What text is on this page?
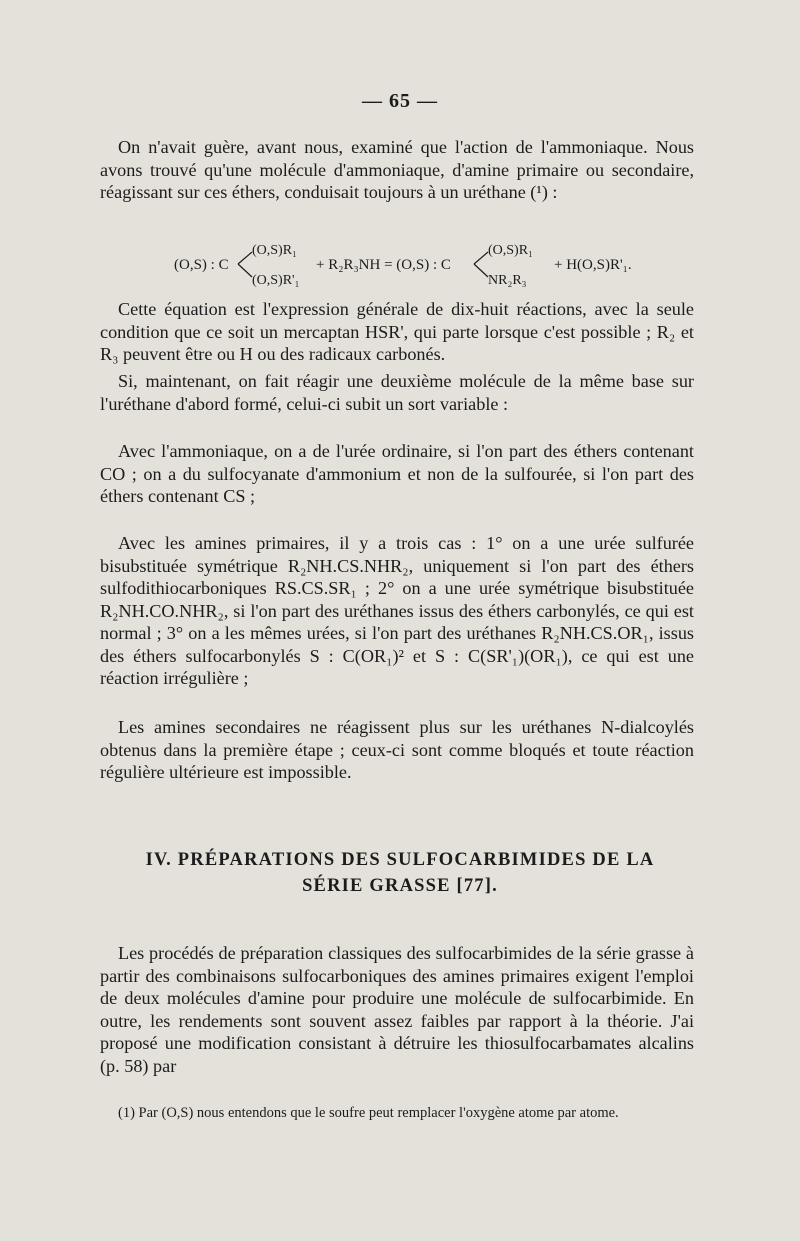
— 65 —
On n'avait guère, avant nous, examiné que l'action de l'ammoniaque. Nous avons trouvé qu'une molécule d'ammoniaque, d'amine primaire ou secondaire, réagissant sur ces éthers, conduisait toujours à un uréthane (¹) :
(O,S) : C
(O,S)R₁
(O,S)R'₁
+ R₂R₃NH = (O,S) : C
(O,S)R₁
NR₂R₃
+ H(O,S)R'₁.
Cette équation est l'expression générale de dix-huit réactions, avec la seule condition que ce soit un mercaptan HSR', qui parte lorsque c'est possible ; R₂ et R₃ peuvent être ou H ou des radicaux carbonés.
Si, maintenant, on fait réagir une deuxième molécule de la même base sur l'uréthane d'abord formé, celui-ci subit un sort variable :
Avec l'ammoniaque, on a de l'urée ordinaire, si l'on part des éthers contenant CO ; on a du sulfocyanate d'ammonium et non de la sulfourée, si l'on part des éthers contenant CS ;
Avec les amines primaires, il y a trois cas : 1° on a une urée sulfurée bisubstituée symétrique R₂NH.CS.NHR₂, uniquement si l'on part des éthers sulfodithiocarboniques RS.CS.SR₁ ; 2° on a une urée symétrique bisubstituée R₂NH.CO.NHR₂, si l'on part des uréthanes issus des éthers carbonylés, ce qui est normal ; 3° on a les mêmes urées, si l'on part des uréthanes R₂NH.CS.OR₁, issus des éthers sulfocarbonylés S : C(OR₁)² et S : C(SR'₁)(OR₁), ce qui est une réaction irrégulière ;
Les amines secondaires ne réagissent plus sur les uréthanes N-dialcoylés obtenus dans la première étape ; ceux-ci sont comme bloqués et toute réaction régulière ultérieure est impossible.
IV. PRÉPARATIONS DES SULFOCARBIMIDES DE LA
SÉRIE GRASSE [77].
Les procédés de préparation classiques des sulfocarbimides de la série grasse à partir des combinaisons sulfocarboniques des amines primaires exigent l'emploi de deux molécules d'amine pour produire une molécule de sulfocarbimide. En outre, les rendements sont souvent assez faibles par rapport à la théorie. J'ai proposé une modification consistant à détruire les thiosulfocarbamates alcalins (p. 58) par
(1) Par (O,S) nous entendons que le soufre peut remplacer l'oxygène atome par atome.
